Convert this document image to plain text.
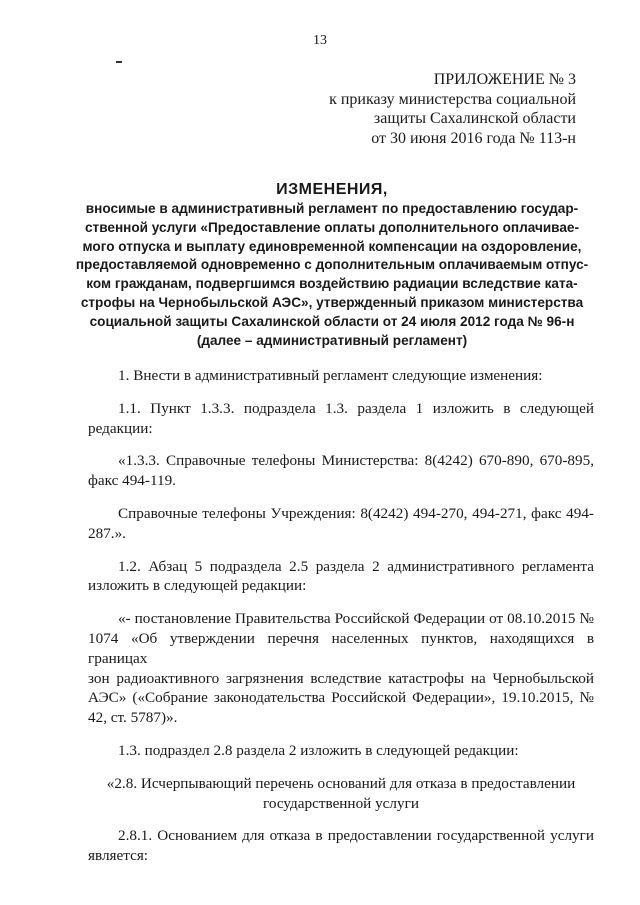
13
ПРИЛОЖЕНИЕ № 3
к приказу министерства социальной
защиты Сахалинской области
от 30 июня 2016 года № 113-н
ИЗМЕНЕНИЯ,
вносимые в административный регламент по предоставлению государ-
ственной услуги «Предоставление оплаты дополнительного оплачивае-
мого отпуска и выплату единовременной компенсации на оздоровление,
предоставляемой одновременно с дополнительным оплачиваемым отпус-
ком гражданам, подвергшимся воздействию радиации вследствие ката-
строфы на Чернобыльской АЭС», утвержденный приказом министерства
социальной защиты Сахалинской области от 24 июля 2012 года № 96-н
(далее – административный регламент)
1. Внести в административный регламент следующие изменения:
1.1. Пункт 1.3.3. подраздела 1.3. раздела 1 изложить в следующей
редакции:
«1.3.3. Справочные телефоны Министерства: 8(4242) 670-890, 670-895,
факс 494-119.
Справочные телефоны Учреждения: 8(4242) 494-270, 494-271, факс 494-
287.».
1.2. Абзац 5 подраздела 2.5 раздела 2 административного регламента
изложить в следующей редакции:
«- постановление Правительства Российской Федерации от 08.10.2015 №
1074 «Об утверждении перечня населенных пунктов, находящихся в границах
зон радиоактивного загрязнения вследствие катастрофы на Чернобыльской
АЭС» («Собрание законодательства Российской Федерации», 19.10.2015, №
42, ст. 5787)».
1.3. подраздел 2.8 раздела 2 изложить в следующей редакции:
«2.8. Исчерпывающий перечень оснований для отказа в предоставлении
государственной услуги
2.8.1. Основанием для отказа в предоставлении государственной услуги
является:
